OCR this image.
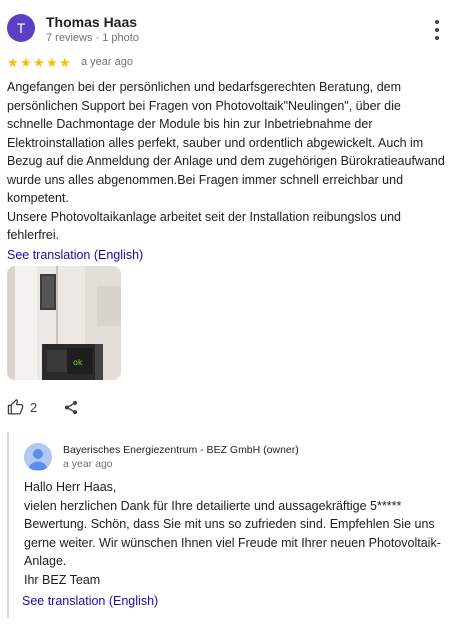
T	Thomas Haas
7 reviews · 1 photo
★ ★ ★ ★ ★ a year ago

Angefangen bei der persönlichen und bedarfsgerechten Beratung, dem persönlichen Support bei Fragen von Photovoltaik"Neulingen", über die schnelle Dachmontage der Module bis hin zur Inbetriebnahme der Elektroinstallation alles perfekt, sauber und ordentlich abgewickelt. Auch im Bezug auf die Anmeldung der Anlage und dem zugehörigen Bürokratieaufwand wurde uns alles abgenommen.Bei Fragen immer schnell erreichbar und kompetent.

Unsere Photovoltaikanlage arbeitet seit der Installation reibungslos und fehlerfrei.

See translation (English)
ok
2
Bayerisches Energiezentrum - BEZ GmbH (owner)
a year ago

Hallo Herr Haas,

vielen herzlichen Dank für Ihre detailierte und aussagekräftige 5***** Bewertung. Schön, dass Sie mit uns so zufrieden sind. Empfehlen Sie uns gerne weiter. Wir wünschen Ihnen viel Freude mit Ihrer neuen Photovoltaik-Anlage.

Ihr BEZ Team

See translation (English)
